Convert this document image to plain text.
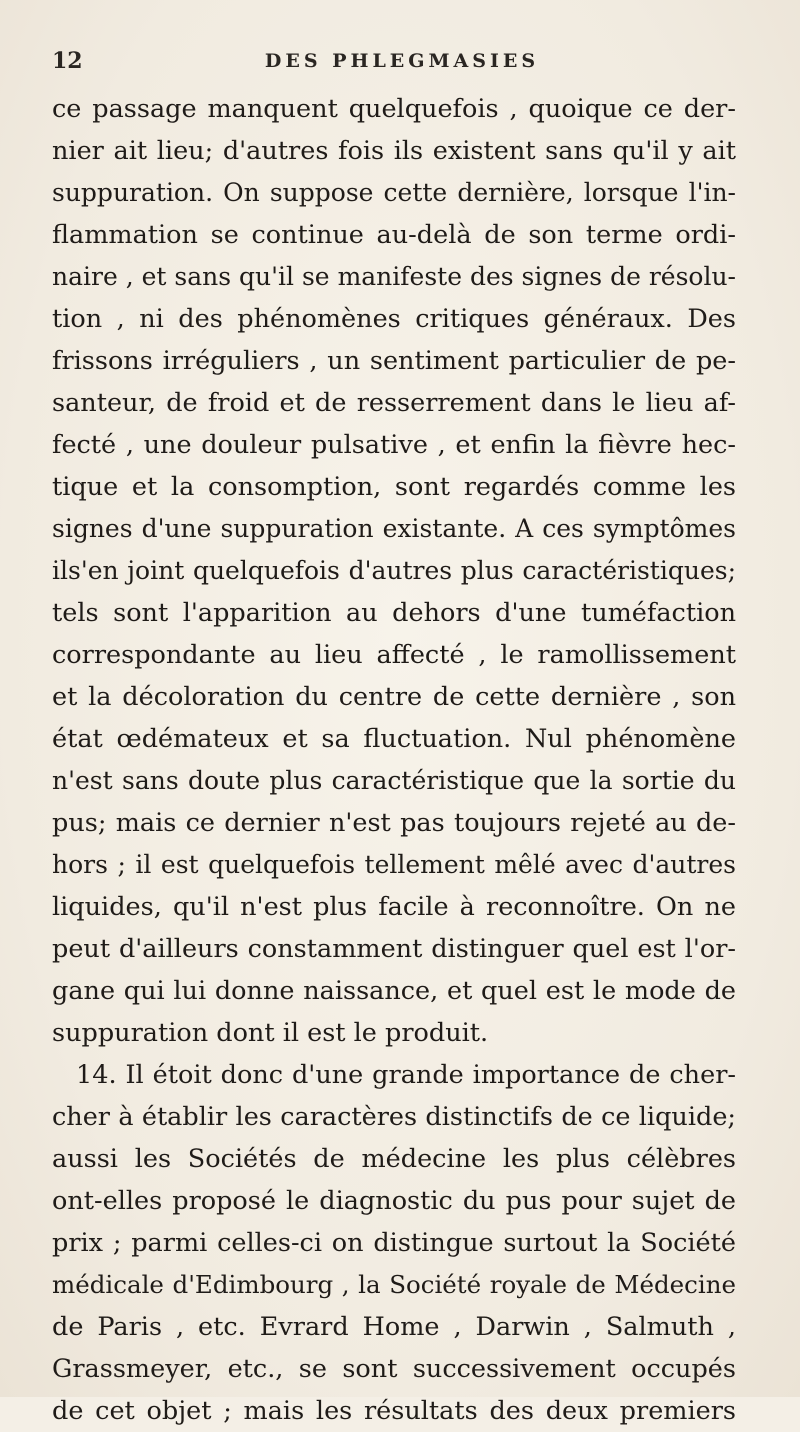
12	DES PHLEGMASIES
ce passage manquent quelquefois , quoique ce der-
nier ait lieu; d'autres fois ils existent sans qu'il y ait
suppuration. On suppose cette dernière, lorsque l'in-
flammation se continue au-delà de son terme ordi-
naire , et sans qu'il se manifeste des signes de résolu-
tion , ni des phénomènes critiques généraux. Des
frissons irréguliers , un sentiment particulier de pe-
santeur, de froid et de resserrement dans le lieu af-
fecté , une douleur pulsative , et enfin la fièvre hec-
tique et la consomption, sont regardés comme les
signes d'une suppuration existante. A ces symptômes
ils'en joint quelquefois d'autres plus caractéristiques;
tels sont l'apparition au dehors d'une tuméfaction
correspondante au lieu affecté , le ramollissement
et la décoloration du centre de cette dernière , son
état œdémateux et sa fluctuation. Nul phénomène
n'est sans doute plus caractéristique que la sortie du
pus; mais ce dernier n'est pas toujours rejeté au de-
hors ; il est quelquefois tellement mêlé avec d'autres
liquides, qu'il n'est plus facile à reconnoître. On ne
peut d'ailleurs constamment distinguer quel est l'or-
gane qui lui donne naissance, et quel est le mode de
suppuration dont il est le produit.
14. Il étoit donc d'une grande importance de cher-
cher à établir les caractères distinctifs de ce liquide;
aussi les Sociétés de médecine les plus célèbres
ont-elles proposé le diagnostic du pus pour sujet de
prix ; parmi celles-ci on distingue surtout la Société
médicale d'Edimbourg , la Société royale de Médecine
de Paris , etc. Evrard Home , Darwin , Salmuth ,
Grassmeyer, etc., se sont successivement occupés
de cet objet ; mais les résultats des deux premiers
